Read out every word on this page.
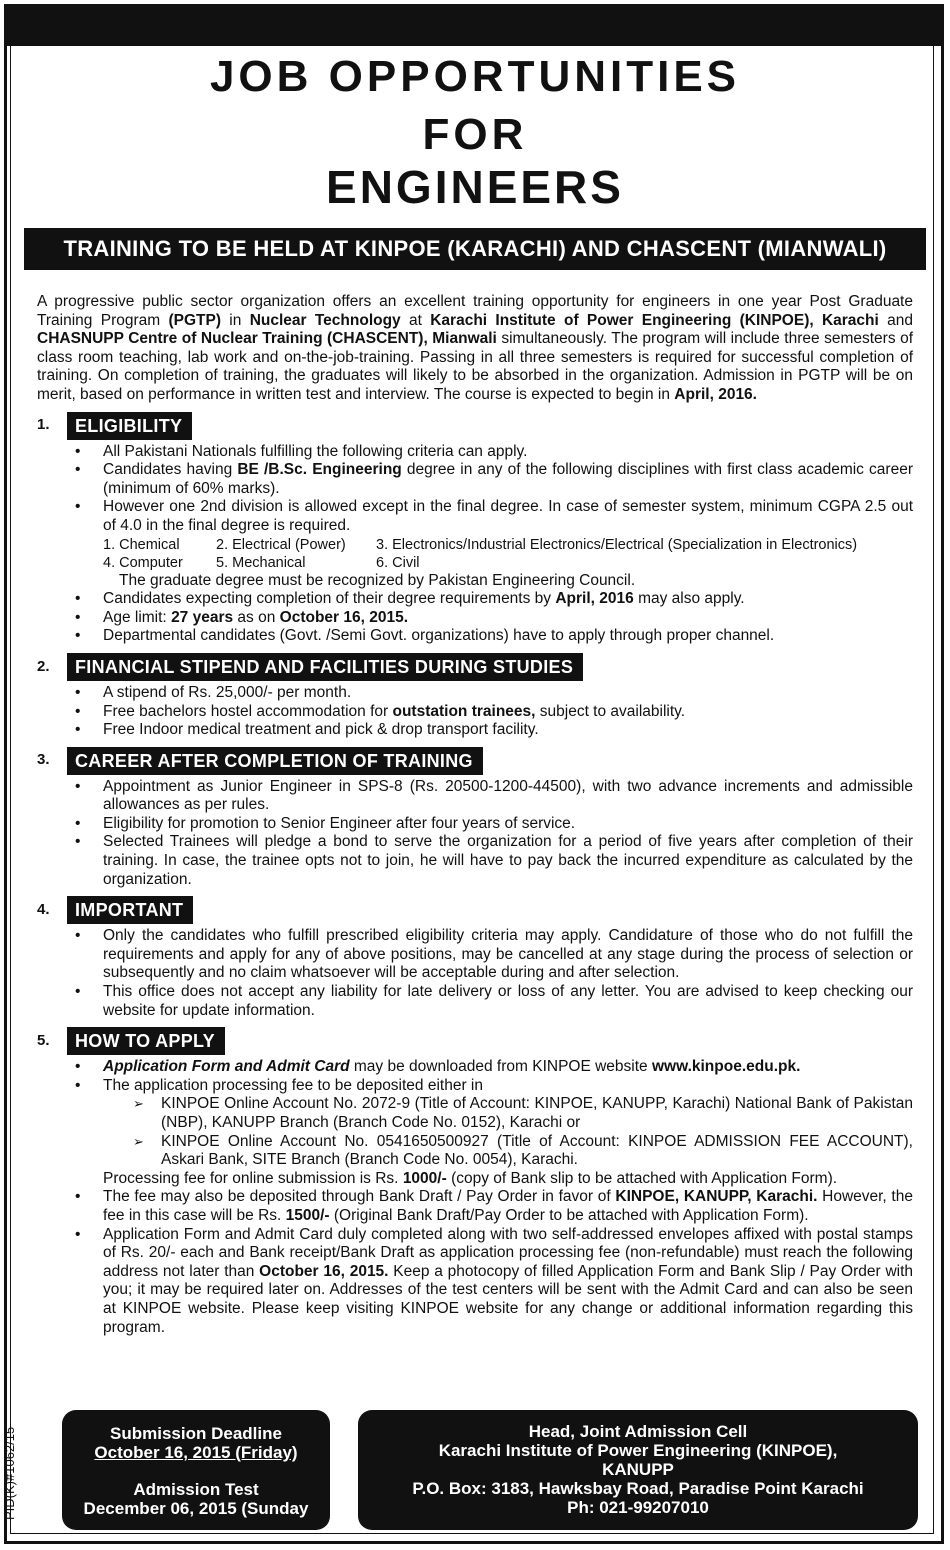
JOB OPPORTUNITIES
FOR
ENGINEERS
TRAINING TO BE HELD AT KINPOE (KARACHI) AND CHASCENT (MIANWALI)

A progressive public sector organization offers an excellent training opportunity for engineers in one year Post Graduate Training Program (PGTP) in Nuclear Technology at Karachi Institute of Power Engineering (KINPOE), Karachi and CHASNUPP Centre of Nuclear Training (CHASCENT), Mianwali simultaneously. The program will include three semesters of class room teaching, lab work and on-the-job-training. Passing in all three semesters is required for successful completion of training. On completion of training, the graduates will likely to be absorbed in the organization. Admission in PGTP will be on merit, based on performance in written test and interview. The course is expected to begin in April, 2016.

1.	ELIGIBILITY
• All Pakistani Nationals fulfilling the following criteria can apply.
• Candidates having BE /B.Sc. Engineering degree in any of the following disciplines with first class academic career (minimum of 60% marks).
• However one 2nd division is allowed except in the final degree. In case of semester system, minimum CGPA 2.5 out of 4.0 in the final degree is required.
1. Chemical	2. Electrical (Power)	3. Electronics/Industrial Electronics/Electrical (Specialization in Electronics)
4. Computer	5. Mechanical	6. Civil
The graduate degree must be recognized by Pakistan Engineering Council.
• Candidates expecting completion of their degree requirements by April, 2016 may also apply.
• Age limit: 27 years as on October 16, 2015.
• Departmental candidates (Govt. /Semi Govt. organizations) have to apply through proper channel.
2.	FINANCIAL STIPEND AND FACILITIES DURING STUDIES
• A stipend of Rs. 25,000/- per month.
• Free bachelors hostel accommodation for outstation trainees, subject to availability.
• Free Indoor medical treatment and pick & drop transport facility.
3.	CAREER AFTER COMPLETION OF TRAINING
• Appointment as Junior Engineer in SPS-8 (Rs. 20500-1200-44500), with two advance increments and admissible allowances as per rules.
• Eligibility for promotion to Senior Engineer after four years of service.
• Selected Trainees will pledge a bond to serve the organization for a period of five years after completion of their training. In case, the trainee opts not to join, he will have to pay back the incurred expenditure as calculated by the organization.
4.	IMPORTANT
• Only the candidates who fulfill prescribed eligibility criteria may apply. Candidature of those who do not fulfill the requirements and apply for any of above positions, may be cancelled at any stage during the process of selection or subsequently and no claim whatsoever will be acceptable during and after selection.
• This office does not accept any liability for late delivery or loss of any letter. You are advised to keep checking our website for update information.
5.	HOW TO APPLY
• Application Form and Admit Card may be downloaded from KINPOE website www.kinpoe.edu.pk.
• The application processing fee to be deposited either in
➢ KINPOE Online Account No. 2072-9 (Title of Account: KINPOE, KANUPP, Karachi) National Bank of Pakistan (NBP), KANUPP Branch (Branch Code No. 0152), Karachi or
➢ KINPOE Online Account No. 0541650500927 (Title of Account: KINPOE ADMISSION FEE ACCOUNT), Askari Bank, SITE Branch (Branch Code No. 0054), Karachi.
Processing fee for online submission is Rs. 1000/- (copy of Bank slip to be attached with Application Form).
• The fee may also be deposited through Bank Draft / Pay Order in favor of KINPOE, KANUPP, Karachi. However, the fee in this case will be Rs. 1500/- (Original Bank Draft/Pay Order to be attached with Application Form).
• Application Form and Admit Card duly completed along with two self-addressed envelopes affixed with postal stamps of Rs. 20/- each and Bank receipt/Bank Draft as application processing fee (non-refundable) must reach the following address not later than October 16, 2015. Keep a photocopy of filled Application Form and Bank Slip / Pay Order with you; it may be required later on. Addresses of the test centers will be sent with the Admit Card and can also be seen at KINPOE website. Please keep visiting KINPOE website for any change or additional information regarding this program.
Submission Deadline
October 16, 2015 (Friday)
Admission Test
December 06, 2015 (Sunday
Head, Joint Admission Cell
Karachi Institute of Power Engineering (KINPOE),
KANUPP
P.O. Box: 3183, Hawksbay Road, Paradise Point Karachi
Ph: 021-99207010
PID(K)#1062/15
